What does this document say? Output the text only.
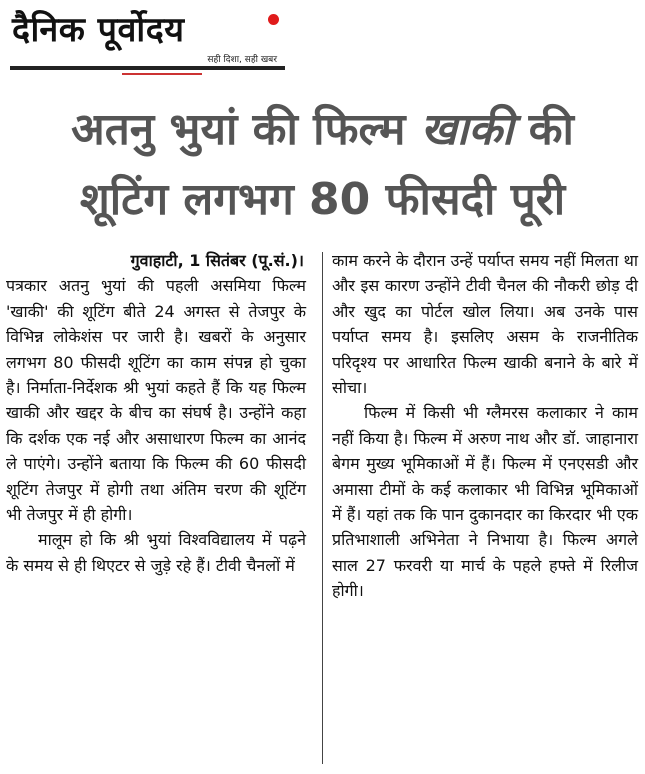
दैनिक पूर्वोदय
सही दिशा, सही खबर
अतनु भुयां की फिल्म खाकी की
शूटिंग लगभग 80 फीसदी पूरी
गुवाहाटी, 1 सितंबर (पू.सं.)।

पत्रकार अतनु भुयां की पहली असमिया फिल्म 'खाकी' की शूटिंग बीते 24 अगस्त से तेजपुर के विभिन्न लोकेशंस पर जारी है। खबरों के अनुसार लगभग 80 फीसदी शूटिंग का काम संपन्न हो चुका है। निर्माता-निर्देशक श्री भुयां कहते हैं कि यह फिल्म खाकी और खद्दर के बीच का संघर्ष है। उन्होंने कहा कि दर्शक एक नई और असाधारण फिल्म का आनंद ले पाएंगे। उन्होंने बताया कि फिल्म की 60 फीसदी शूटिंग तेजपुर में होगी तथा अंतिम चरण की शूटिंग भी तेजपुर में ही होगी।

मालूम हो कि श्री भुयां विश्वविद्यालय में पढ़ने के समय से ही थिएटर से जुड़े रहे हैं। टीवी चैनलों में

काम करने के दौरान उन्हें पर्याप्त समय नहीं मिलता था और इस कारण उन्होंने टीवी चैनल की नौकरी छोड़ दी और खुद का पोर्टल खोल लिया। अब उनके पास पर्याप्त समय है। इसलिए असम के राजनीतिक परिदृश्य पर आधारित फिल्म खाकी बनाने के बारे में सोचा।

फिल्म में किसी भी ग्लैमरस कलाकार ने काम नहीं किया है। फिल्म में अरुण नाथ और डॉ. जाहानारा बेगम मुख्य भूमिकाओं में हैं। फिल्म में एनएसडी और अमासा टीमों के कई कलाकार भी विभिन्न भूमिकाओं में हैं। यहां तक कि पान दुकानदार का किरदार भी एक प्रतिभाशाली अभिनेता ने निभाया है। फिल्म अगले साल 27 फरवरी या मार्च के पहले हफ्ते में रिलीज होगी।
